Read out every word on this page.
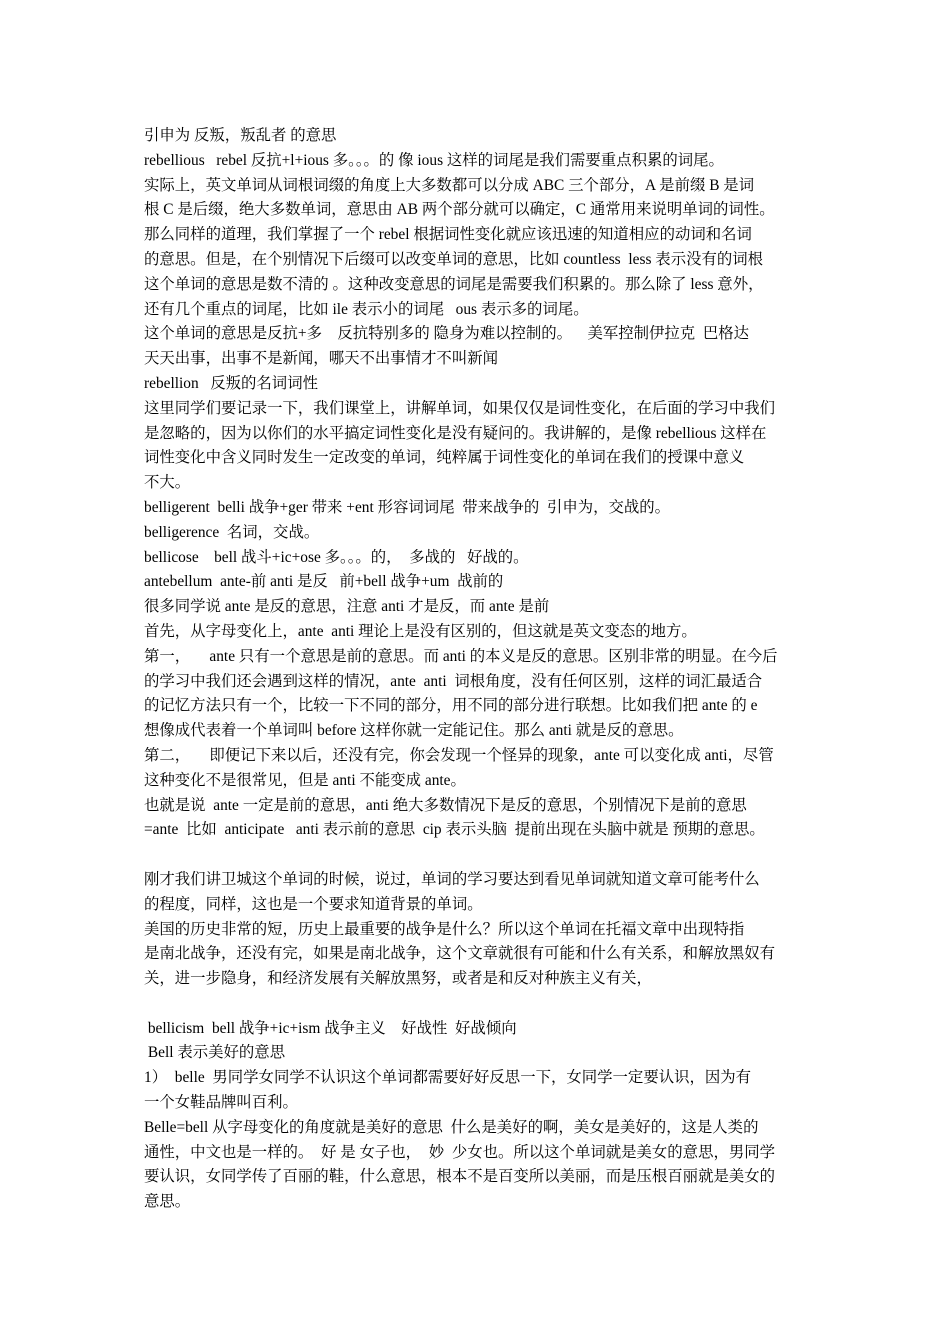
引申为 反叛，叛乱者 的意思
rebellious   rebel 反抗+l+ious 多。。。的 像 ious 这样的词尾是我们需要重点积累的词尾。
实际上，英文单词从词根词缀的角度上大多数都可以分成 ABC 三个部分，A 是前缀 B 是词
根 C 是后缀，绝大多数单词，意思由 AB 两个部分就可以确定，C 通常用来说明单词的词性。
那么同样的道理，我们掌握了一个 rebel 根据词性变化就应该迅速的知道相应的动词和名词
的意思。但是，在个别情况下后缀可以改变单词的意思，比如 countless  less 表示没有的词根
这个单词的意思是数不清的 。这种改变意思的词尾是需要我们积累的。那么除了 less 意外，
还有几个重点的词尾，比如 ile 表示小的词尾   ous 表示多的词尾。
这个单词的意思是反抗+多    反抗特别多的 隐身为难以控制的。    美军控制伊拉克  巴格达
天天出事，出事不是新闻，哪天不出事情才不叫新闻
rebellion   反叛的名词词性
这里同学们要记录一下，我们课堂上，讲解单词，如果仅仅是词性变化，在后面的学习中我们
是忽略的，因为以你们的水平搞定词性变化是没有疑问的。我讲解的，是像 rebellious 这样在
词性变化中含义同时发生一定改变的单词，纯粹属于词性变化的单词在我们的授课中意义
不大。
belligerent  belli 战争+ger 带来 +ent 形容词词尾  带来战争的  引申为，交战的。
belligerence  名词，交战。
bellicose    bell 战斗+ic+ose 多。。。的，  多战的   好战的。
antebellum  ante-前 anti 是反   前+bell 战争+um  战前的
很多同学说 ante 是反的意思，注意 anti 才是反，而 ante 是前
首先，从字母变化上，ante  anti 理论上是没有区别的，但这就是英文变态的地方。
第一，     ante 只有一个意思是前的意思。而 anti 的本义是反的意思。区别非常的明显。在今后
的学习中我们还会遇到这样的情况，ante  anti  词根角度，没有任何区别，这样的词汇最适合
的记忆方法只有一个，比较一下不同的部分，用不同的部分进行联想。比如我们把 ante 的 e
想像成代表着一个单词叫 before 这样你就一定能记住。那么 anti 就是反的意思。
第二，     即便记下来以后，还没有完，你会发现一个怪异的现象，ante 可以变化成 anti，尽管
这种变化不是很常见，但是 anti 不能变成 ante。
也就是说  ante 一定是前的意思，anti 绝大多数情况下是反的意思，个别情况下是前的意思
=ante  比如  anticipate   anti 表示前的意思  cip 表示头脑  提前出现在头脑中就是 预期的意思。
刚才我们讲卫城这个单词的时候，说过，单词的学习要达到看见单词就知道文章可能考什么
的程度，同样，这也是一个要求知道背景的单词。
美国的历史非常的短，历史上最重要的战争是什么？所以这个单词在托福文章中出现特指
是南北战争，还没有完，如果是南北战争，这个文章就很有可能和什么有关系，和解放黑奴有
关，进一步隐身，和经济发展有关解放黑努，或者是和反对种族主义有关，
bellicism  bell 战争+ic+ism 战争主义    好战性  好战倾向
Bell 表示美好的意思
1）  belle  男同学女同学不认识这个单词都需要好好反思一下，女同学一定要认识，因为有
一个女鞋品牌叫百利。
Belle=bell 从字母变化的角度就是美好的意思  什么是美好的啊，美女是美好的，这是人类的
通性，中文也是一样的。  好 是 女子也，  妙  少女也。所以这个单词就是美女的意思，男同学
要认识，女同学传了百丽的鞋，什么意思，根本不是百变所以美丽，而是压根百丽就是美女的
意思。
